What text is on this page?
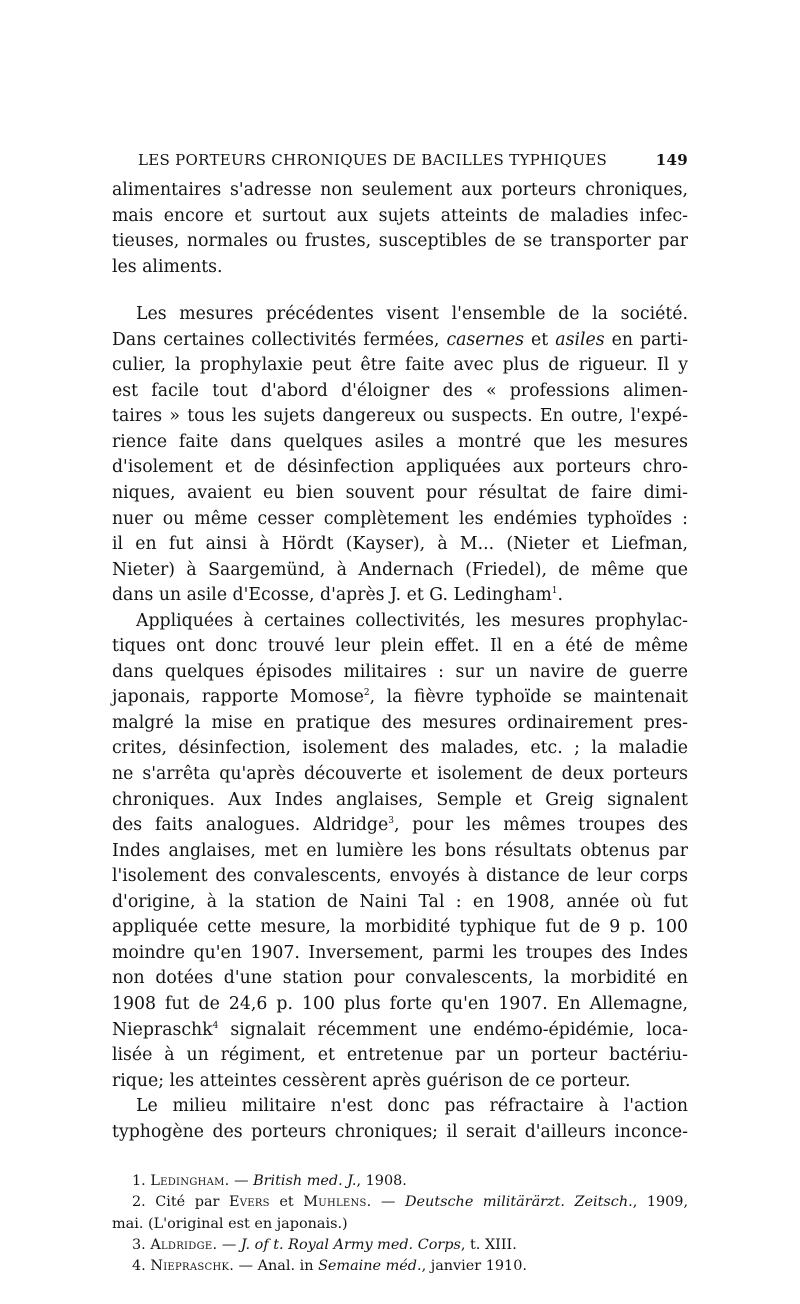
LES PORTEURS CHRONIQUES DE BACILLES TYPHIQUES	149
alimentaires s'adresse non seulement aux porteurs chroniques,
mais encore et surtout aux sujets atteints de maladies infec-
tieuses, normales ou frustes, susceptibles de se transporter par
les aliments.
Les mesures précédentes visent l'ensemble de la société.
Dans certaines collectivités fermées, casernes et asiles en parti-
culier, la prophylaxie peut être faite avec plus de rigueur. Il y
est facile tout d'abord d'éloigner des « professions alimen-
taires » tous les sujets dangereux ou suspects. En outre, l'expé-
rience faite dans quelques asiles a montré que les mesures
d'isolement et de désinfection appliquées aux porteurs chro-
niques, avaient eu bien souvent pour résultat de faire dimi-
nuer ou même cesser complètement les endémies typhoïdes :
il en fut ainsi à Hördt (Kayser), à M... (Nieter et Liefman,
Nieter) à Saargemünd, à Andernach (Friedel), de même que
dans un asile d'Ecosse, d'après J. et G. Ledingham$^1$.
Appliquées à certaines collectivités, les mesures prophylac-
tiques ont donc trouvé leur plein effet. Il en a été de même
dans quelques épisodes militaires : sur un navire de guerre
japonais, rapporte Momose$^2$, la fièvre typhoïde se maintenait
malgré la mise en pratique des mesures ordinairement pres-
crites, désinfection, isolement des malades, etc. ; la maladie
ne s'arrêta qu'après découverte et isolement de deux porteurs
chroniques. Aux Indes anglaises, Semple et Greig signalent
des faits analogues. Aldridge$^3$, pour les mêmes troupes des
Indes anglaises, met en lumière les bons résultats obtenus par
l'isolement des convalescents, envoyés à distance de leur corps
d'origine, à la station de Naini Tal : en 1908, année où fut
appliquée cette mesure, la morbidité typhique fut de 9 p. 100
moindre qu'en 1907. Inversement, parmi les troupes des Indes
non dotées d'une station pour convalescents, la morbidité en
1908 fut de 24,6 p. 100 plus forte qu'en 1907. En Allemagne,
Niepraschk$^4$ signalait récemment une endémo-épidémie, loca-
lisée à un régiment, et entretenue par un porteur bactériu-
rique; les atteintes cessèrent après guérison de ce porteur.
Le milieu militaire n'est donc pas réfractaire à l'action
typhogène des porteurs chroniques; il serait d'ailleurs inconce-
1. Ledingham. — British med. J., 1908.
2. Cité par Evers et Muhlens. — Deutsche militärärzt. Zeitsch., 1909,
mai. (L'original est en japonais.)
3. Aldridge. — J. of t. Royal Army med. Corps, t. XIII.
4. Niepraschk. — Anal. in Semaine méd., janvier 1910.
